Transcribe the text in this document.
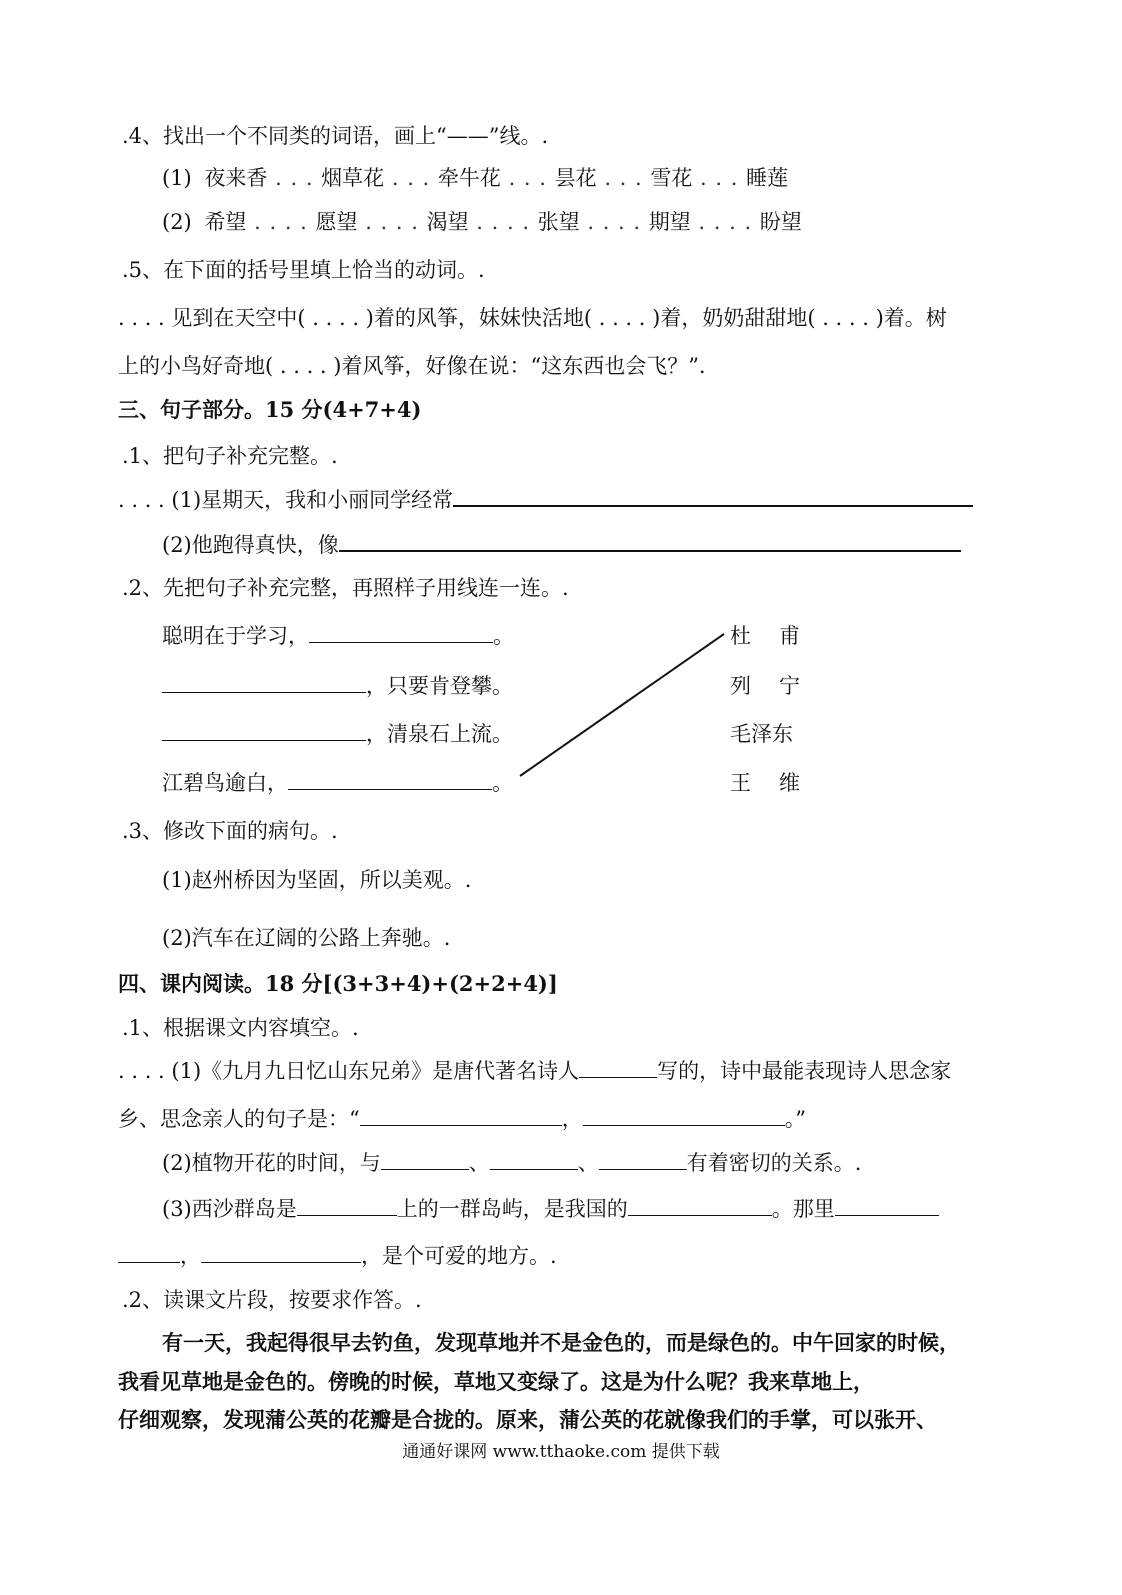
.4、找出一个不同类的词语，画上“——”线。.
(1) 夜来香 . . . 烟草花 . . . 牵牛花 . . . 昙花 . . . 雪花 . . . 睡莲
(2) 希望 . . . . 愿望 . . . . 渴望 . . . . 张望 . . . . 期望 . . . . 盼望
.5、在下面的括号里填上恰当的动词。.
. . . . 见到在天空中( . . . . )着的风筝，妹妹快活地( . . . . )着，奶奶甜甜地( . . . . )着。树
上的小鸟好奇地( . . . . )着风筝，好像在说：“这东西也会飞？”.
三、句子部分。15 分(4+7+4)
.1、把句子补充完整。.
. . . . (1)星期天，我和小丽同学经常
(2)他跑得真快，像
.2、先把句子补充完整，再照样子用线连一连。.
聪明在于学习，	。
，只要肯登攀。
，清泉石上流。
江碧鸟逾白，	。
杜 甫
列 宁
毛泽东
王 维
.3、修改下面的病句。.
(1)赵州桥因为坚固，所以美观。.
(2)汽车在辽阔的公路上奔驰。.
四、课内阅读。18 分[(3+3+4)+(2+2+4)]
.1、根据课文内容填空。.
. . . . (1)《九月九日忆山东兄弟》是唐代著名诗人	写的，诗中最能表现诗人思念家
乡、思念亲人的句子是：“	，	。”
(2)植物开花的时间，与	、	、	有着密切的关系。.
(3)西沙群岛是	上的一群岛屿，是我国的	。那里
，	，是个可爱的地方。.
.2、读课文片段，按要求作答。.
有一天，我起得很早去钓鱼，发现草地并不是金色的，而是绿色的。中午回家的时候，
我看见草地是金色的。傍晚的时候，草地又变绿了。这是为什么呢？我来草地上，
仔细观察，发现蒲公英的花瓣是合拢的。原来，蒲公英的花就像我们的手掌，可以张开、
通通好课网 www.tthaoke.com 提供下载
